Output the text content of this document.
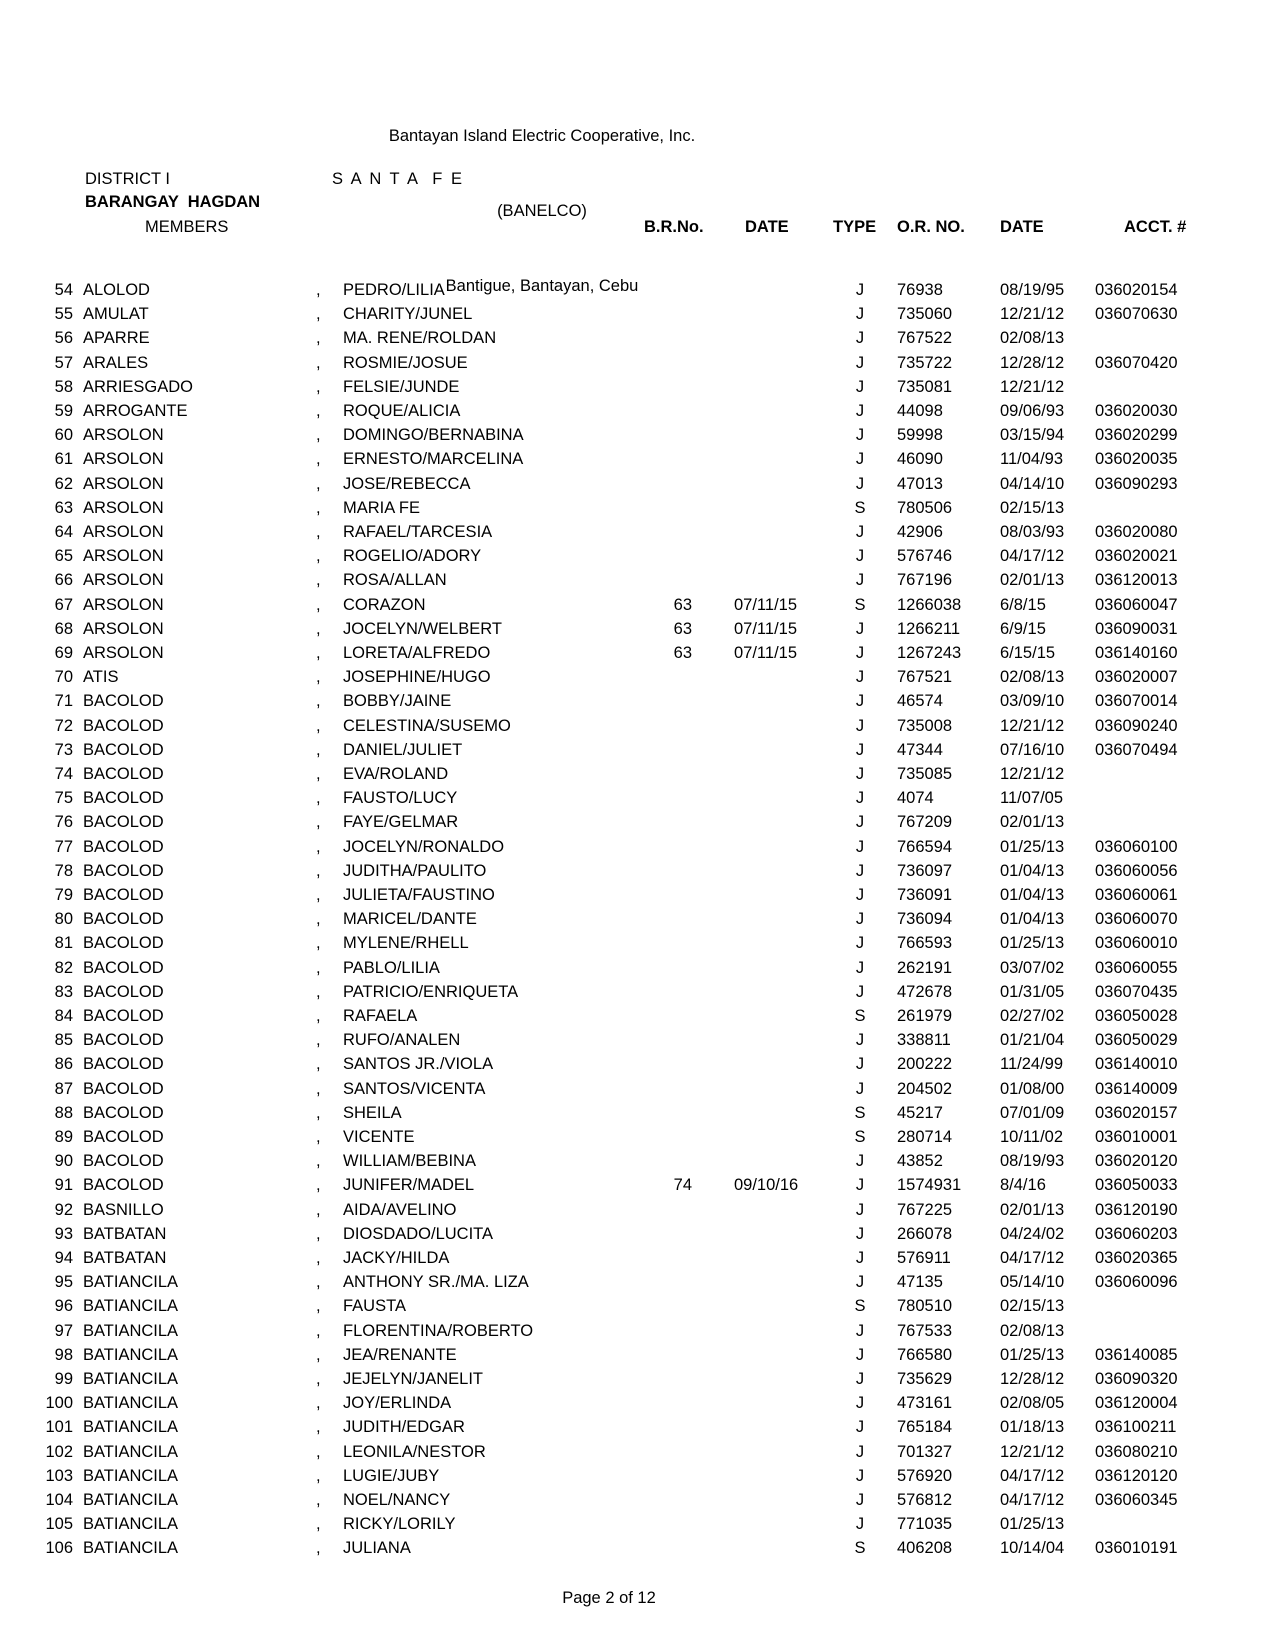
Bantayan Island Electric Cooperative, Inc.

(BANELCO)

Bantigue, Bantayan, Cebu

DISTRICT I	S A N T A  F E
BARANGAY  HAGDAN
MEMBERS	B.R.No.	DATE	TYPE O.R. NO. DATE	ACCT. #
54 ALOLOD	, PEDRO/LILIA	J	76938	08/19/95 036020154
55 AMULAT	, CHARITY/JUNEL	J	735060	12/21/12 036070630
56 APARRE	, MA. RENE/ROLDAN	J	767522	02/08/13
57 ARALES	, ROSMIE/JOSUE	J	735722	12/28/12 036070420
58 ARRIESGADO	, FELSIE/JUNDE	J	735081	12/21/12
59 ARROGANTE	, ROQUE/ALICIA	J	44098	09/06/93 036020030
60 ARSOLON	, DOMINGO/BERNABINA	J	59998	03/15/94 036020299
61 ARSOLON	, ERNESTO/MARCELINA	J	46090	11/04/93 036020035
62 ARSOLON	, JOSE/REBECCA	J	47013	04/14/10 036090293
63 ARSOLON	, MARIA FE	S	780506	02/15/13
64 ARSOLON	, RAFAEL/TARCESIA	J	42906	08/03/93 036020080
65 ARSOLON	, ROGELIO/ADORY	J	576746	04/17/12 036020021
66 ARSOLON	, ROSA/ALLAN	J	767196	02/01/13 036120013
67 ARSOLON	, CORAZON	63	07/11/15	S	1266038 6/8/15	036060047
68 ARSOLON	, JOCELYN/WELBERT	63	07/11/15	J	1266211 6/9/15	036090031
69 ARSOLON	, LORETA/ALFREDO	63	07/11/15	J	1267243 6/15/15 036140160
70 ATIS	, JOSEPHINE/HUGO	J	767521	02/08/13 036020007
71 BACOLOD	, BOBBY/JAINE	J	46574	03/09/10 036070014
72 BACOLOD	, CELESTINA/SUSEMO	J	735008	12/21/12 036090240
73 BACOLOD	, DANIEL/JULIET	J	47344	07/16/10 036070494
74 BACOLOD	, EVA/ROLAND	J	735085	12/21/12
75 BACOLOD	, FAUSTO/LUCY	J	4074	11/07/05
76 BACOLOD	, FAYE/GELMAR	J	767209	02/01/13
77 BACOLOD	, JOCELYN/RONALDO	J	766594	01/25/13 036060100
78 BACOLOD	, JUDITHA/PAULITO	J	736097	01/04/13 036060056
79 BACOLOD	, JULIETA/FAUSTINO	J	736091	01/04/13 036060061
80 BACOLOD	, MARICEL/DANTE	J	736094	01/04/13 036060070
81 BACOLOD	, MYLENE/RHELL	J	766593	01/25/13 036060010
82 BACOLOD	, PABLO/LILIA	J	262191	03/07/02 036060055
83 BACOLOD	, PATRICIO/ENRIQUETA	J	472678	01/31/05 036070435
84 BACOLOD	, RAFAELA	S	261979	02/27/02 036050028
85 BACOLOD	, RUFO/ANALEN	J	338811	01/21/04 036050029
86 BACOLOD	, SANTOS JR./VIOLA	J	200222	11/24/99 036140010
87 BACOLOD	, SANTOS/VICENTA	J	204502	01/08/00 036140009
88 BACOLOD	, SHEILA	S	45217	07/01/09 036020157
89 BACOLOD	, VICENTE	S	280714	10/11/02 036010001
90 BACOLOD	, WILLIAM/BEBINA	J	43852	08/19/93 036020120
91 BACOLOD	, JUNIFER/MADEL	74	09/10/16	J	1574931 8/4/16	036050033
92 BASNILLO	, AIDA/AVELINO	J	767225	02/01/13 036120190
93 BATBATAN	, DIOSDADO/LUCITA	J	266078	04/24/02 036060203
94 BATBATAN	, JACKY/HILDA	J	576911	04/17/12 036020365
95 BATIANCILA	, ANTHONY SR./MA. LIZA	J	47135	05/14/10 036060096
96 BATIANCILA	, FAUSTA	S	780510	02/15/13
97 BATIANCILA	, FLORENTINA/ROBERTO	J	767533	02/08/13
98 BATIANCILA	, JEA/RENANTE	J	766580	01/25/13 036140085
99 BATIANCILA	, JEJELYN/JANELIT	J	735629	12/28/12 036090320
100 BATIANCILA	, JOY/ERLINDA	J	473161	02/08/05 036120004
101 BATIANCILA	, JUDITH/EDGAR	J	765184	01/18/13 036100211
102 BATIANCILA	, LEONILA/NESTOR	J	701327	12/21/12 036080210
103 BATIANCILA	, LUGIE/JUBY	J	576920	04/17/12 036120120
104 BATIANCILA	, NOEL/NANCY	J	576812	04/17/12 036060345
105 BATIANCILA	, RICKY/LORILY	J	771035	01/25/13
106 BATIANCILA	, JULIANA	S	406208	10/14/04 036010191
Page 2 of 12
